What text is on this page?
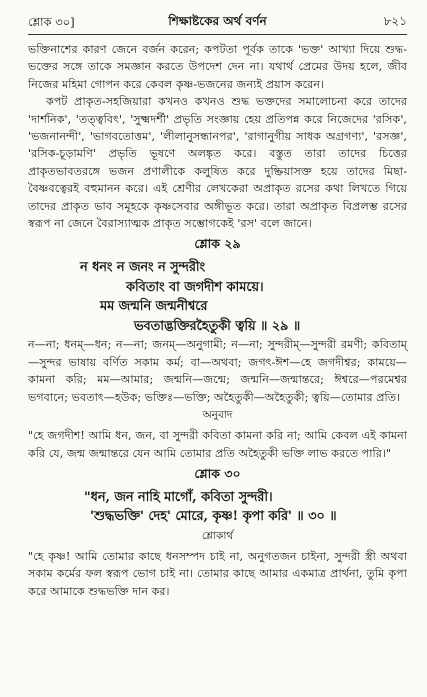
শ্লোক ৩০]	শিক্ষাষ্টকের অর্থ বর্ণন	৮২১

ভক্তিনাশের কারণ জেনে বর্জন করেন; কপটতা পূর্বক তাকে 'ভক্ত' আখ্যা দিয়ে শুদ্ধ-ভক্তের সঙ্গে তাকে সমজ্ঞান করতে উপদেশ দেন না। যথার্থ প্রেমের উদয় হলে, জীব নিজের মহিমা গোপন করে কেবল কৃষ্ণ-ভজনের জন্যই প্রয়াস করেন।

কপট প্রাকৃত-সহজিয়ারা কখনও কখনও শুদ্ধ ভক্তদের সমালোচনা করে তাদের 'দার্শনিক', 'তত্ত্ববিৎ', 'সুক্ষ্মদর্শী' প্রভৃতি সংজ্ঞায় হেয় প্রতিপন্ন করে নিজেদের 'রসিক', 'ভজনানন্দী', 'ভাগবতোত্তম', 'লীলানুসন্ধানপর', 'রাগানুগীয় সাধক অগ্রগণ্য', 'রসজ্ঞ', 'রসিক-চূড়ামণি' প্রভৃতি ভূষণে অলঙ্কৃত করে। বস্তুত তারা তাদের চিত্তের প্রাকৃতভাবতরঙ্গে ভজন প্রণালীকে কলুষিত করে দুষ্ক্রিয়াসক্ত হয়ে তাদের মিছা-বৈষ্ণবত্বেরই বহুমানন করে। এই শ্রেণীর লেখকেরা অপ্রাকৃত রসের কথা লিখতে গিয়ে তাদের প্রাকৃত ভাব সমূহকে কৃষ্ণসেবার অঙ্গীভূত করে। তারা অপ্রাকৃত বিপ্রলম্ভ রসের স্বরূপ না জেনে বৈরাস্যাত্মক প্রাকৃত সম্ভোগকেই 'রস' বলে জানে।

শ্লোক ২৯
ন ধনং ন জনং ন সুন্দরীং
কবিতাং বা জগদীশ কাময়ে।
মম জন্মনি জন্মনীশ্বরে
ভবতাদ্ভক্তিরহৈতুকী ত্বয়ি ॥ ২৯ ॥

ন—না; ধনম্—ধন; ন—না; জনম্—অনুগামী; ন—না; সুন্দরীম্—সুন্দরী রমণী; কবিতাম্—সুন্দর ভাষায় বর্ণিত সকাম কর্ম; বা—অথবা; জগৎ-ঈশ—হে জগদীশ্বর; কাময়ে—কামনা করি; মম—আমার; জন্মনি—জন্মে; জন্মনি—জন্মান্তরে; ঈশ্বরে—পরমেশ্বর ভগবানে; ভবতাৎ—হউক; ভক্তিঃ—ভক্তি; অহৈতুকী—অহৈতুকী; ত্বয়ি—তোমার প্রতি।

অনুবাদ

"হে জগদীশ! আমি ধন, জন, বা সুন্দরী কবিতা কামনা করি না; আমি কেবল এই কামনা করি যে, জন্ম জন্মান্তরে যেন আমি তোমার প্রতি অহৈতুকী ভক্তি লাভ করতে পারি।"

শ্লোক ৩০
"ধন, জন নাহি মাগোঁ, কবিতা সুন্দরী।
'শুদ্ধভক্তি' দেহ' মোরে, কৃষ্ণ! কৃপা করি' ॥ ৩০ ॥
শ্লোকার্থ

"হে কৃষ্ণ! আমি তোমার কাছে ধনসম্পদ চাই না, অনুগতজন চাইনা, সুন্দরী স্ত্রী অথবা সকাম কর্মের ফল স্বরূপ ভোগ চাই না। তোমার কাছে আমার একমাত্র প্রার্থনা, তুমি কৃপা করে আমাকে শুদ্ধভক্তি দান কর।
